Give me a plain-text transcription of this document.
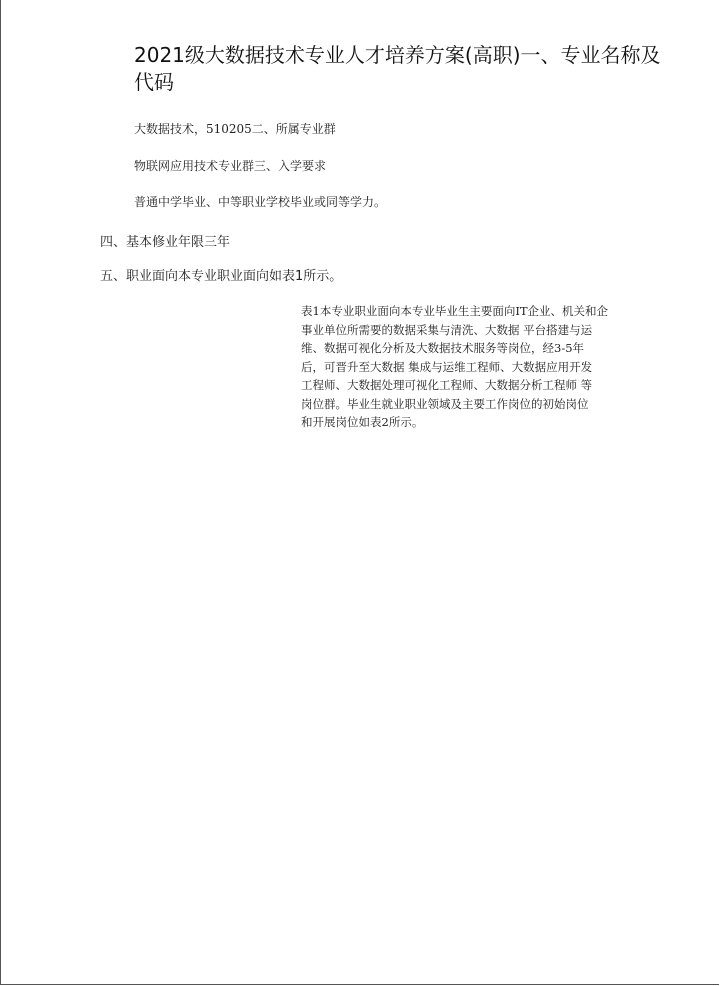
2021级大数据技术专业人才培养方案(高职)一、专业名称及代码
大数据技术，510205二、所属专业群
物联网应用技术专业群三、入学要求
普通中学毕业、中等职业学校毕业或同等学力。
四、基本修业年限三年
五、职业面向本专业职业面向如表1所示。
表1本专业职业面向本专业毕业生主要面向IT企业、机关和企
事业单位所需要的数据采集与清洗、大数据 平台搭建与运
维、数据可视化分析及大数据技术服务等岗位，经3-5年
后，可晋升至大数据 集成与运维工程师、大数据应用开发
工程师、大数据处理可视化工程师、大数据分析工程师 等
岗位群。毕业生就业职业领域及主要工作岗位的初始岗位
和开展岗位如表2所示。
